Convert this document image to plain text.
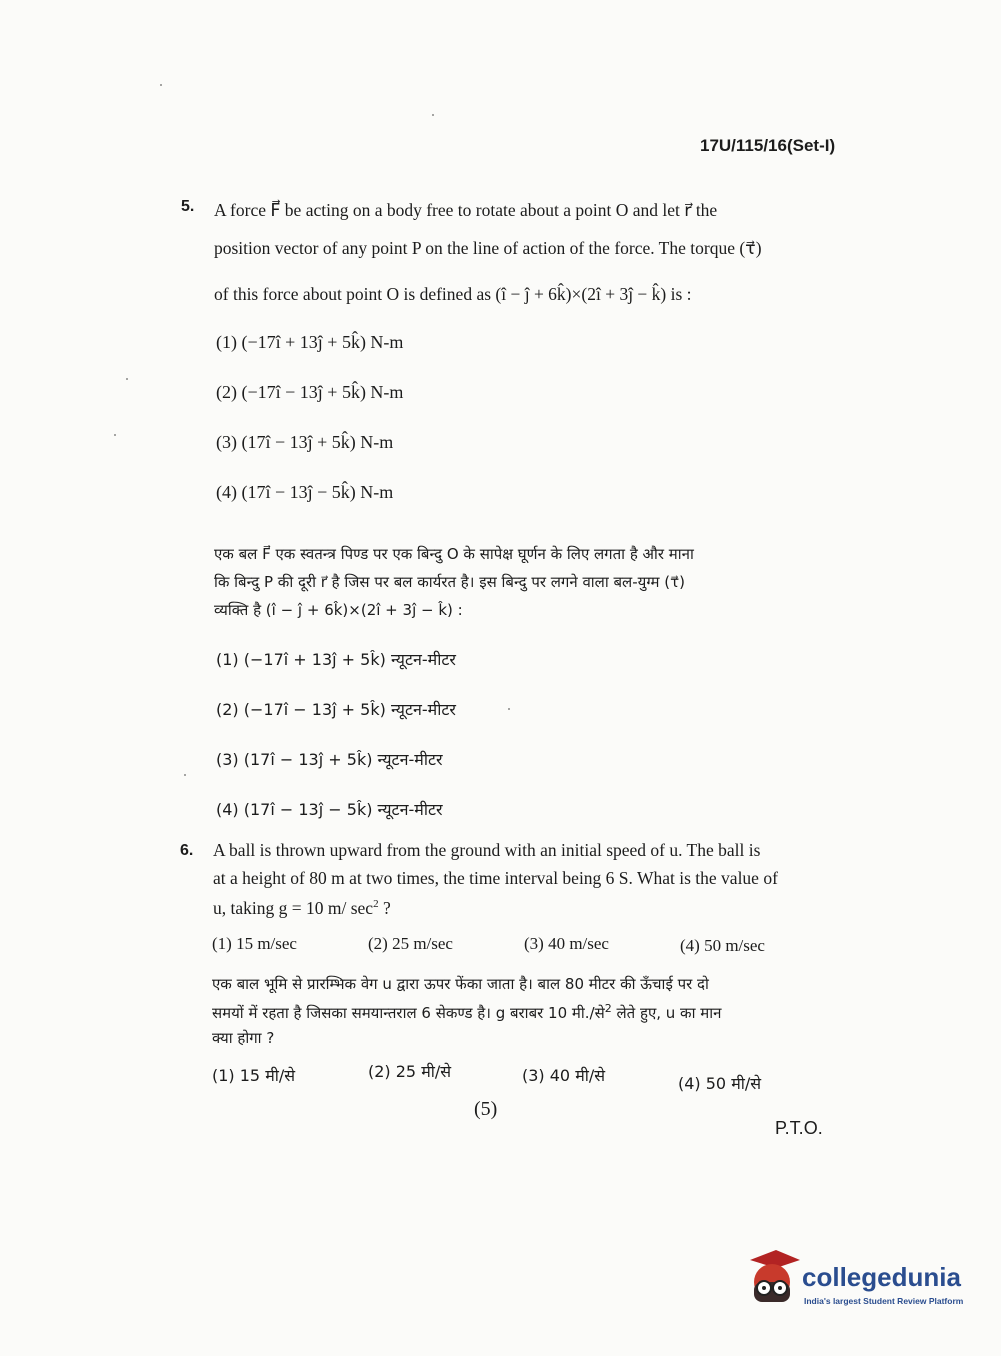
17U/115/16(Set-I)
5. A force F⃗ be acting on a body free to rotate about a point O and let r⃗ the
position vector of any point P on the line of action of the force. The torque (τ⃗)
of this force about point O is defined as (î − ĵ + 6k̂)×(2î + 3ĵ − k̂) is :
(1) (−17î + 13ĵ + 5k̂) N-m
(2) (−17î − 13ĵ + 5k̂) N-m
(3) (17î − 13ĵ + 5k̂) N-m
(4) (17î − 13ĵ − 5k̂) N-m
एक बल F⃗ एक स्वतन्त्र पिण्ड पर एक बिन्दु O के सापेक्ष घूर्णन के लिए लगता है और माना
कि बिन्दु P की दूरी r⃗ है जिस पर बल कार्यरत है। इस बिन्दु पर लगने वाला बल-युग्म (τ⃗)
व्यक्ति है (î − ĵ + 6k̂)×(2î + 3ĵ − k̂) :
(1) (−17î + 13ĵ + 5k̂) न्यूटन-मीटर
(2) (−17î − 13ĵ + 5k̂) न्यूटन-मीटर
(3) (17î − 13ĵ + 5k̂) न्यूटन-मीटर
(4) (17î − 13ĵ − 5k̂) न्यूटन-मीटर
6. A ball is thrown upward from the ground with an initial speed of u. The ball is
at a height of 80 m at two times, the time interval being 6 S. What is the value of
u, taking g = 10 m/ $\sec^2$ ?
(1) 15 m/sec	(2) 25 m/sec	(3) 40 m/sec	(4) 50 m/sec
एक बाल भूमि से प्रारम्भिक वेग u द्वारा ऊपर फेंका जाता है। बाल 80 मीटर की ऊँचाई पर दो
समयों में रहता है जिसका समयान्तराल 6 सेकण्ड है। g बराबर 10 मी./से$^2$ लेते हुए, u का मान
क्या होगा ?
(1) 15 मी/से	(2) 25 मी/से	(3) 40 मी/से	(4) 50 मी/से
(5)
P.T.O.
collegedunia
India's largest Student Review Platform
